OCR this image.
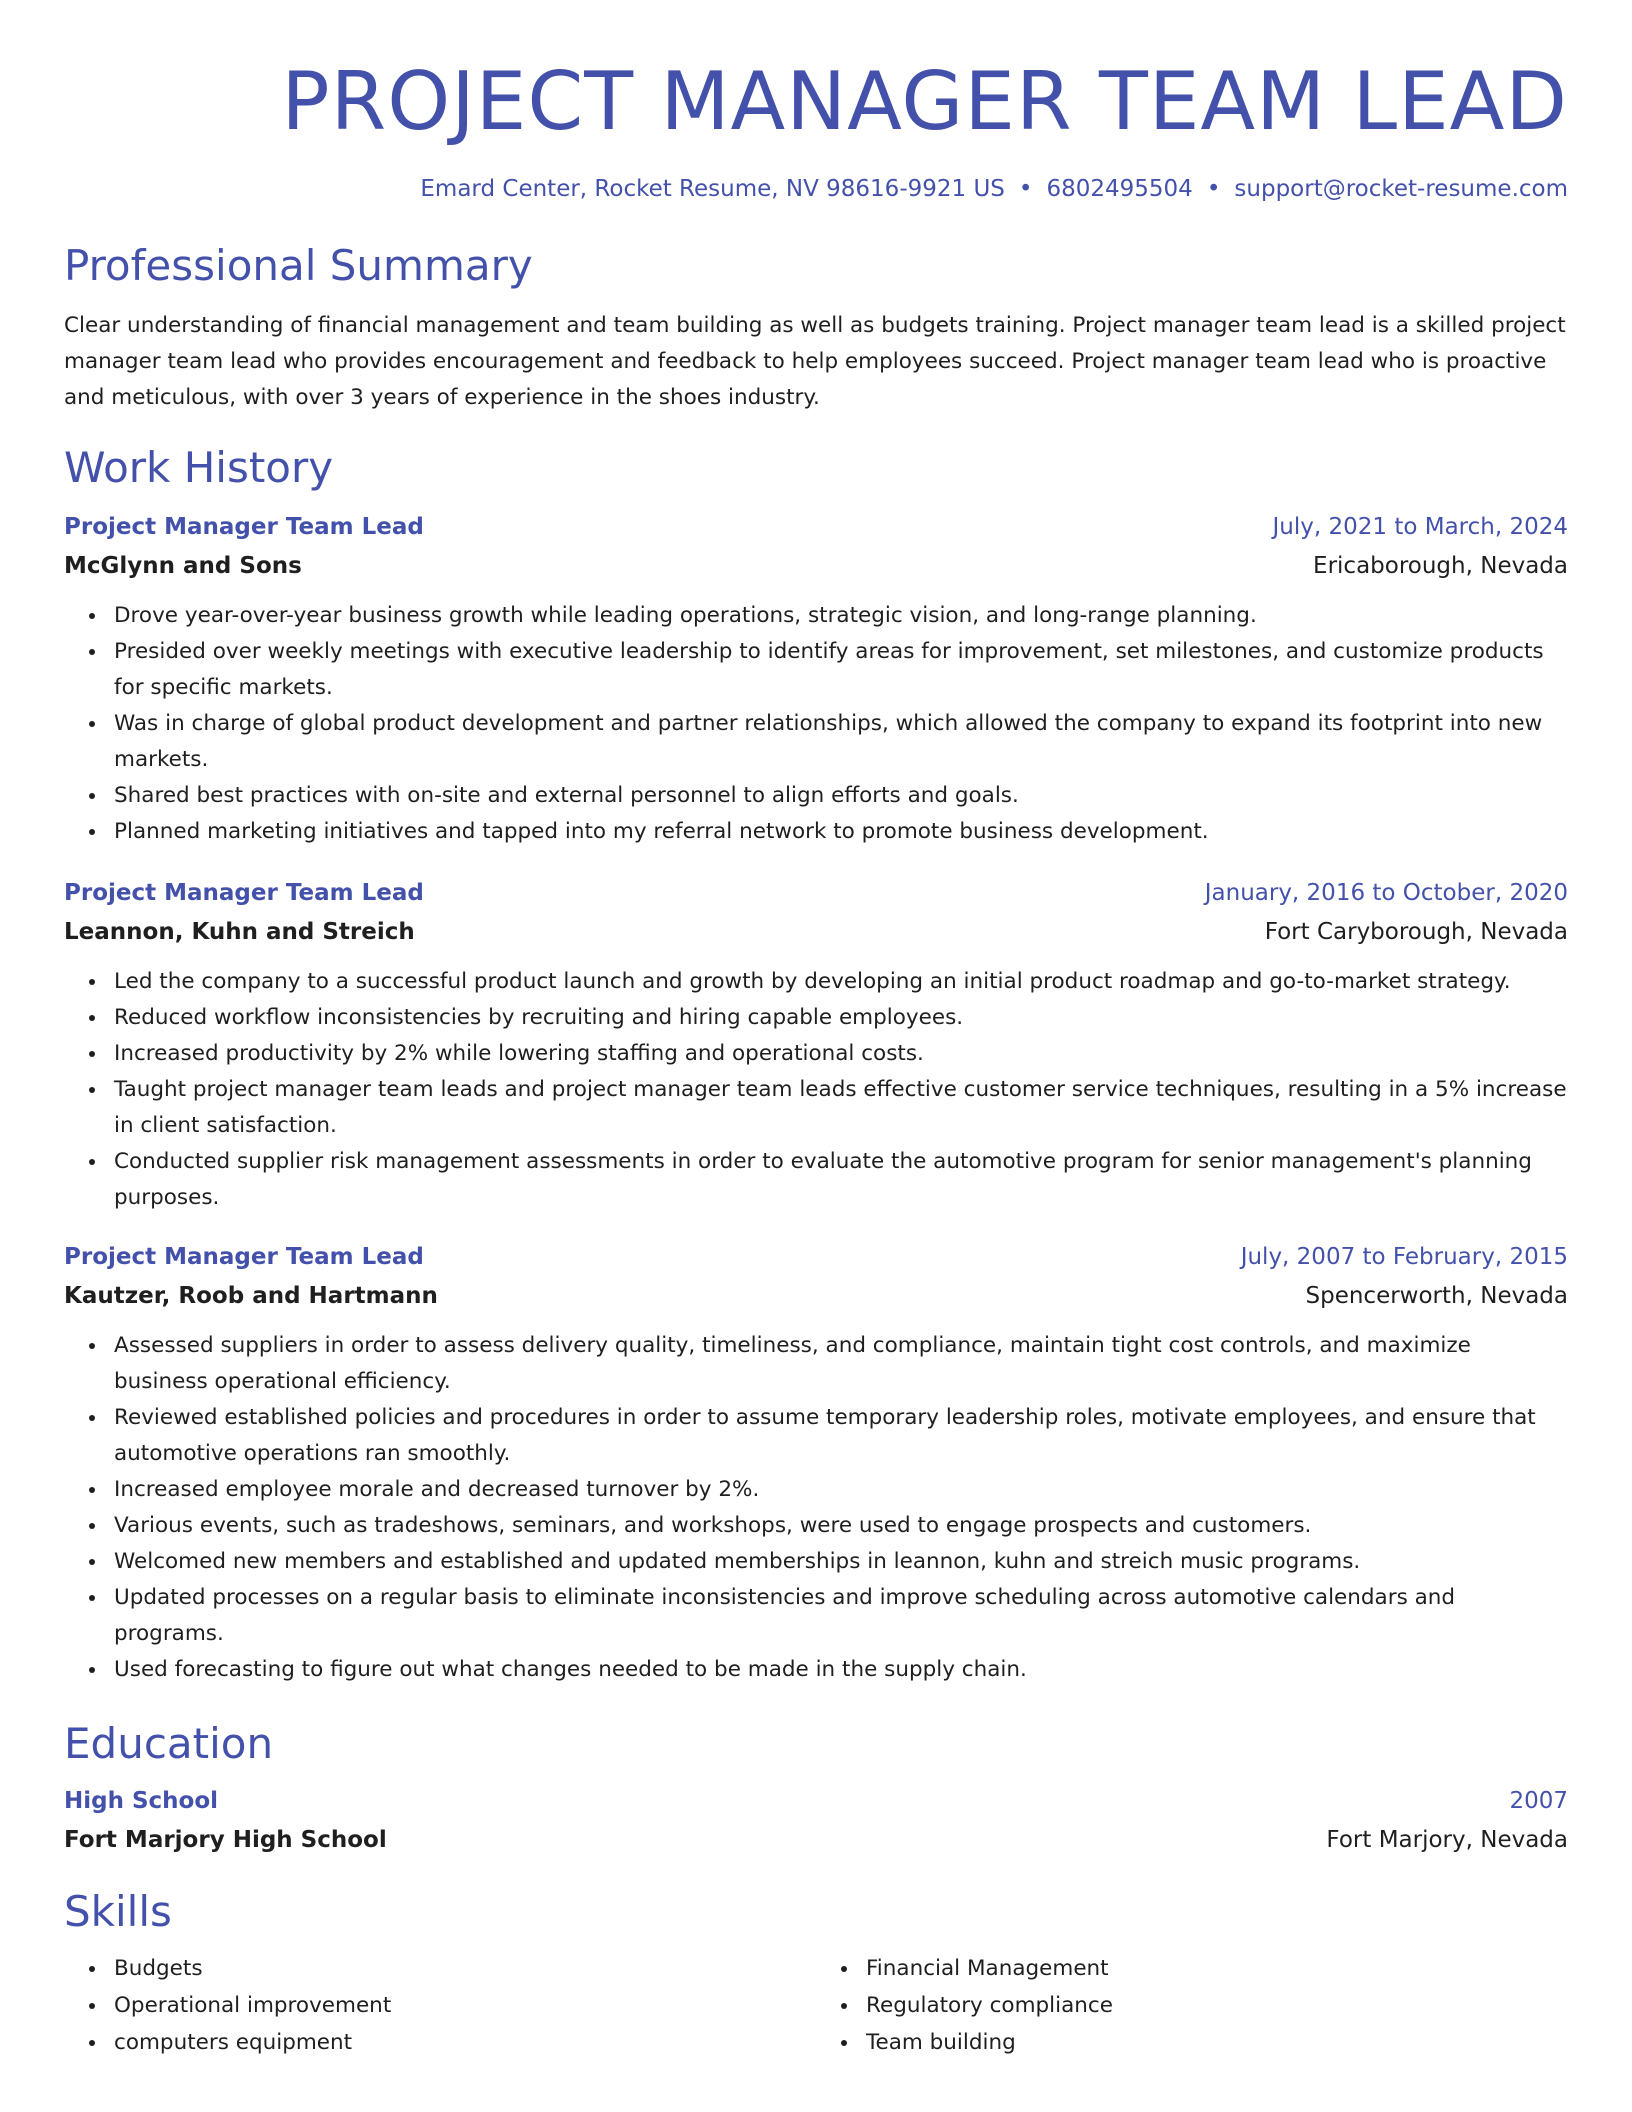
PROJECT MANAGER TEAM LEAD
Emard Center, Rocket Resume, NV 98616-9921 US • 6802495504 • support@rocket-resume.com
Professional Summary
Clear understanding of financial management and team building as well as budgets training. Project manager team lead is a skilled project manager team lead who provides encouragement and feedback to help employees succeed. Project manager team lead who is proactive and meticulous, with over 3 years of experience in the shoes industry.
Work History
Project Manager Team Lead	July, 2021 to March, 2024
McGlynn and Sons	Ericaborough, Nevada
• Drove year-over-year business growth while leading operations, strategic vision, and long-range planning.
• Presided over weekly meetings with executive leadership to identify areas for improvement, set milestones, and customize products for specific markets.
• Was in charge of global product development and partner relationships, which allowed the company to expand its footprint into new markets.
• Shared best practices with on-site and external personnel to align efforts and goals.
• Planned marketing initiatives and tapped into my referral network to promote business development.
Project Manager Team Lead	January, 2016 to October, 2020
Leannon, Kuhn and Streich	Fort Caryborough, Nevada
• Led the company to a successful product launch and growth by developing an initial product roadmap and go-to-market strategy.
• Reduced workflow inconsistencies by recruiting and hiring capable employees.
• Increased productivity by 2% while lowering staffing and operational costs.
• Taught project manager team leads and project manager team leads effective customer service techniques, resulting in a 5% increase in client satisfaction.
• Conducted supplier risk management assessments in order to evaluate the automotive program for senior management's planning purposes.
Project Manager Team Lead	July, 2007 to February, 2015
Kautzer, Roob and Hartmann	Spencerworth, Nevada
• Assessed suppliers in order to assess delivery quality, timeliness, and compliance, maintain tight cost controls, and maximize business operational efficiency.
• Reviewed established policies and procedures in order to assume temporary leadership roles, motivate employees, and ensure that automotive operations ran smoothly.
• Increased employee morale and decreased turnover by 2%.
• Various events, such as tradeshows, seminars, and workshops, were used to engage prospects and customers.
• Welcomed new members and established and updated memberships in leannon, kuhn and streich music programs.
• Updated processes on a regular basis to eliminate inconsistencies and improve scheduling across automotive calendars and programs.
• Used forecasting to figure out what changes needed to be made in the supply chain.
Education
High School	2007
Fort Marjory High School	Fort Marjory, Nevada
Skills
• Budgets
• Operational improvement
• computers equipment
• Financial Management
• Regulatory compliance
• Team building
